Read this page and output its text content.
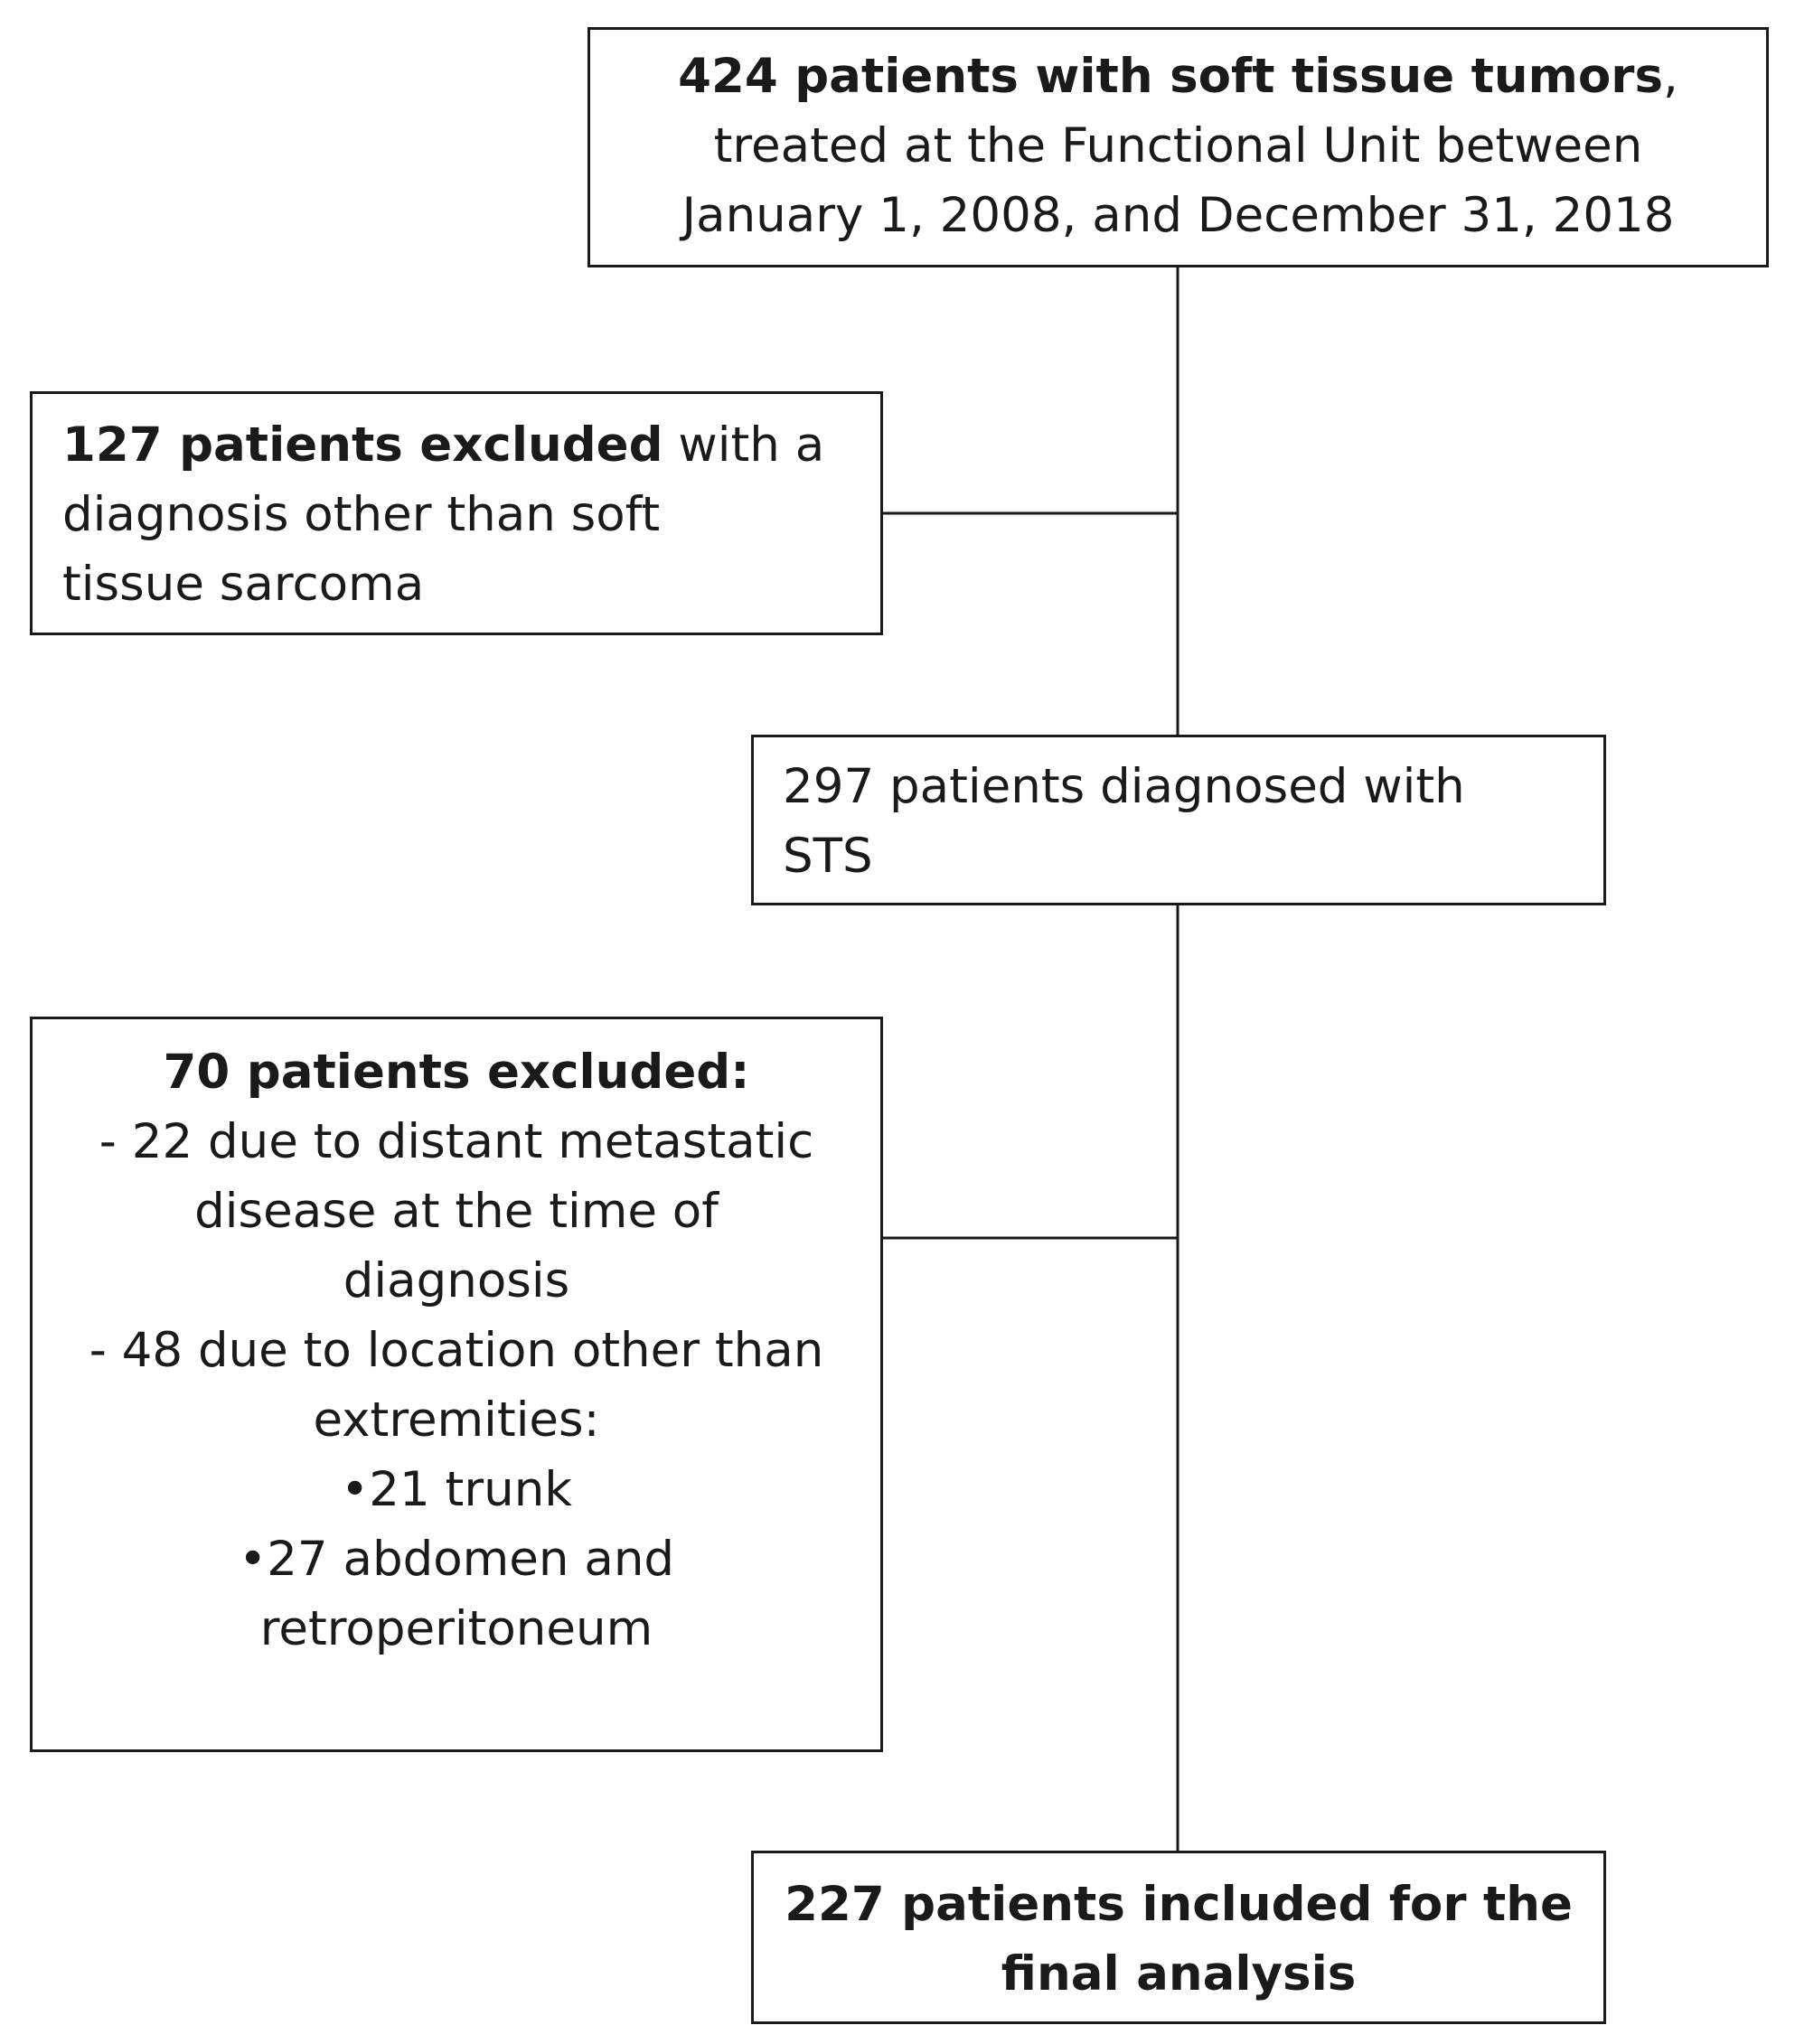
424 patients with soft tissue tumors,
treated at the Functional Unit between
January 1, 2008, and December 31, 2018
127 patients excluded with a
diagnosis other than soft
tissue sarcoma
297 patients diagnosed with
STS
70 patients excluded:
- 22 due to distant metastatic
disease at the time of
diagnosis
- 48 due to location other than
extremities:
•21 trunk
•27 abdomen and
retroperitoneum
227 patients included for the
final analysis
